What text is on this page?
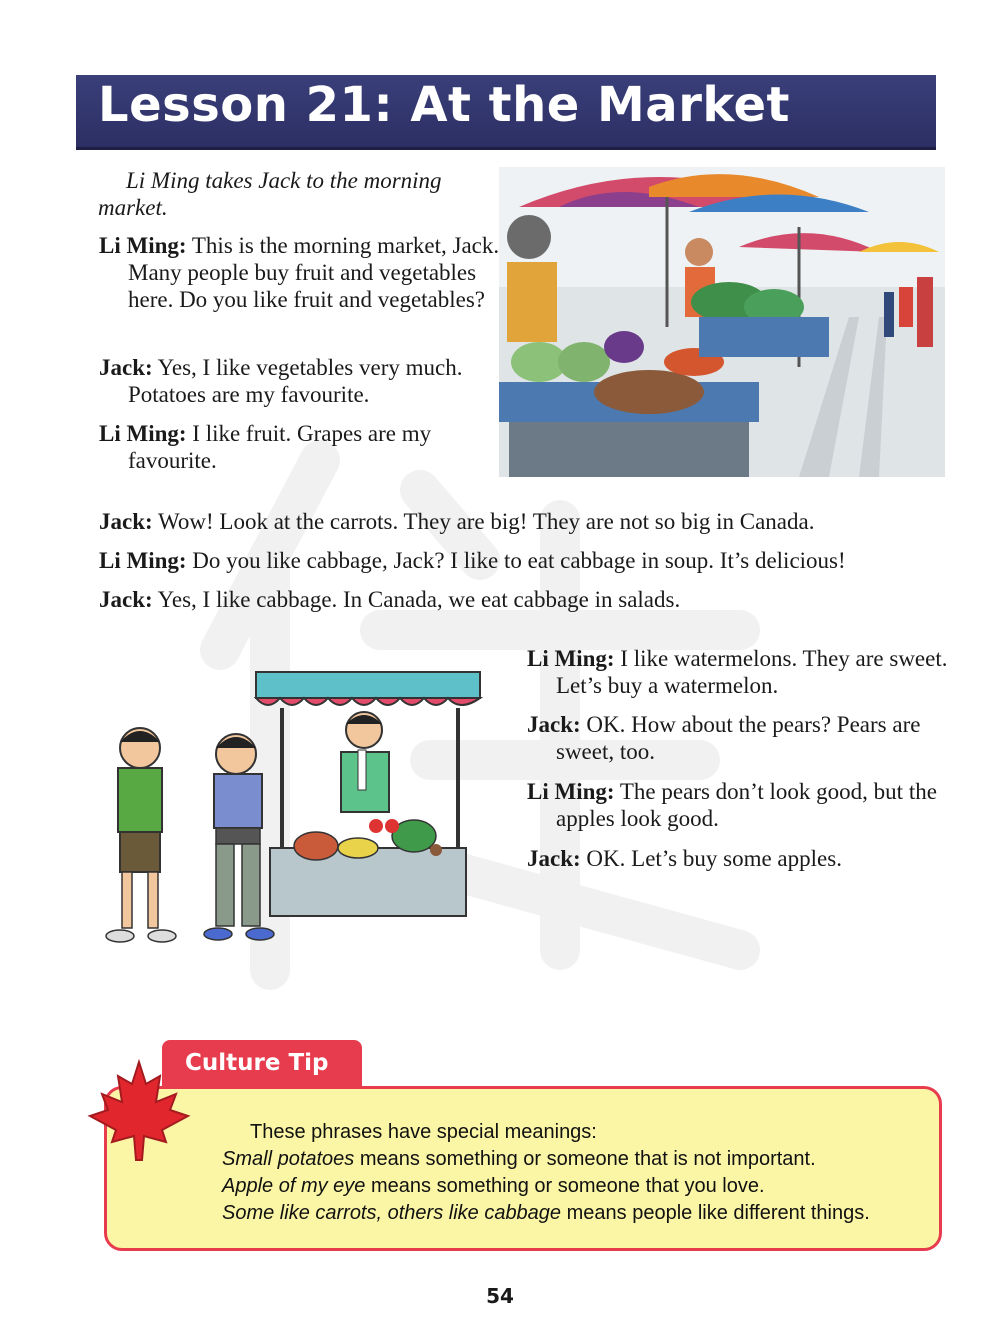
Lesson 21: At the Market
Li Ming takes Jack to the morning market.
Li Ming: This is the morning market, Jack. Many people buy fruit and vegetables here. Do you like fruit and vegetables?
Jack: Yes, I like vegetables very much. Potatoes are my favourite.
Li Ming: I like fruit. Grapes are my favourite.
Jack: Wow! Look at the carrots. They are big! They are not so big in Canada.
Li Ming: Do you like cabbage, Jack? I like to eat cabbage in soup. It’s delicious!
Jack: Yes, I like cabbage. In Canada, we eat cabbage in salads.
Li Ming: I like watermelons. They are sweet. Let’s buy a watermelon.
Jack: OK. How about the pears? Pears are sweet, too.
Li Ming: The pears don’t look good, but the apples look good.
Jack: OK. Let’s buy some apples.
Culture Tip
These phrases have special meanings:
Small potatoes means something or someone that is not important.
Apple of my eye means something or someone that you love.
Some like carrots, others like cabbage means people like different things.
54
